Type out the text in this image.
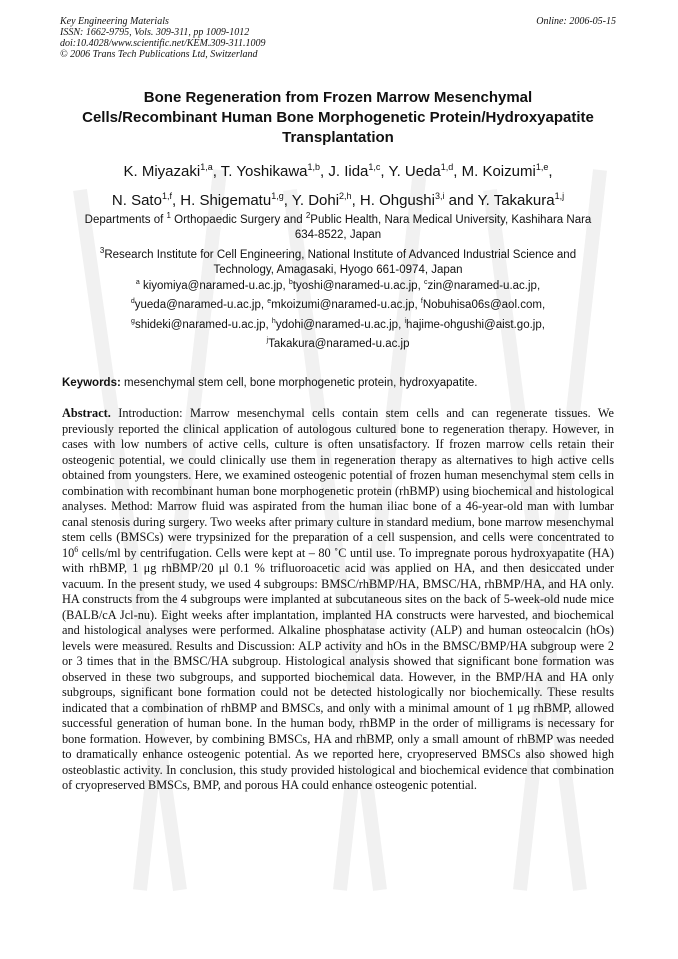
Key Engineering Materials
ISSN: 1662-9795, Vols. 309-311, pp 1009-1012
doi:10.4028/www.scientific.net/KEM.309-311.1009
© 2006 Trans Tech Publications Ltd, Switzerland
Online: 2006-05-15
Bone Regeneration from Frozen Marrow Mesenchymal
Cells/Recombinant Human Bone Morphogenetic Protein/Hydroxyapatite
Transplantation
K. Miyazaki$^{1,a}$, T. Yoshikawa$^{1,b}$, J. Iida$^{1,c}$, Y. Ueda$^{1,d}$, M. Koizumi$^{1,e}$,
N. Sato$^{1,f}$, H. Shigematu$^{1,g}$, Y. Dohi$^{2,h}$, H. Ohgushi$^{3,i}$ and Y. Takakura$^{1,j}$
Departments of $^1$ Orthopaedic Surgery and $^2$Public Health, Nara Medical University, Kashihara Nara
634-8522, Japan
$^3$Research Institute for Cell Engineering, National Institute of Advanced Industrial Science and
Technology, Amagasaki, Hyogo 661-0974, Japan
$^a$ kiyomiya@naramed-u.ac.jp, $^b$tyoshi@naramed-u.ac.jp, $^c$zin@naramed-u.ac.jp,
$^d$yueda@naramed-u.ac.jp, $^e$mkoizumi@naramed-u.ac.jp, $^f$Nobuhisa06s@aol.com,
$^g$shideki@naramed-u.ac.jp, $^h$ydohi@naramed-u.ac.jp, $^i$hajime-ohgushi@aist.go.jp,
$^j$Takakura@naramed-u.ac.jp
Keywords: mesenchymal stem cell, bone morphogenetic protein, hydroxyapatite.
Abstract. Introduction: Marrow mesenchymal cells contain stem cells and can regenerate tissues. We previously reported the clinical application of autologous cultured bone to regeneration therapy. However, in cases with low numbers of active cells, culture is often unsatisfactory. If frozen marrow cells retain their osteogenic potential, we could clinically use them in regeneration therapy as alternatives to high active cells obtained from youngsters. Here, we examined osteogenic potential of frozen human mesenchymal stem cells in combination with recombinant human bone morphogenetic protein (rhBMP) using biochemical and histological analyses. Method: Marrow fluid was aspirated from the human iliac bone of a 46-year-old man with lumbar canal stenosis during surgery. Two weeks after primary culture in standard medium, bone marrow mesenchymal stem cells (BMSCs) were trypsinized for the preparation of a cell suspension, and cells were concentrated to $10^6$ cells/ml by centrifugation. Cells were kept at – 80 ˚C until use. To impregnate porous hydroxyapatite (HA) with rhBMP, 1 μg rhBMP/20 μl 0.1 % trifluoroacetic acid was applied on HA, and then desiccated under vacuum. In the present study, we used 4 subgroups: BMSC/rhBMP/HA, BMSC/HA, rhBMP/HA, and HA only. HA constructs from the 4 subgroups were implanted at subcutaneous sites on the back of 5-week-old nude mice (BALB/cA Jcl-nu). Eight weeks after implantation, implanted HA constructs were harvested, and biochemical and histological analyses were performed. Alkaline phosphatase activity (ALP) and human osteocalcin (hOs) levels were measured. Results and Discussion: ALP activity and hOs in the BMSC/BMP/HA subgroup were 2 or 3 times that in the BMSC/HA subgroup. Histological analysis showed that significant bone formation was observed in these two subgroups, and supported biochemical data. However, in the BMP/HA and HA only subgroups, significant bone formation could not be detected histologically nor biochemically. These results indicated that a combination of rhBMP and BMSCs, and only with a minimal amount of 1 μg rhBMP, allowed successful generation of human bone. In the human body, rhBMP in the order of milligrams is necessary for bone formation. However, by combining BMSCs, HA and rhBMP, only a small amount of rhBMP was needed to dramatically enhance osteogenic potential. As we reported here, cryopreserved BMSCs also showed high osteoblastic activity. In conclusion, this study provided histological and biochemical evidence that combination of cryopreserved BMSCs, BMP, and porous HA could enhance osteogenic potential.
